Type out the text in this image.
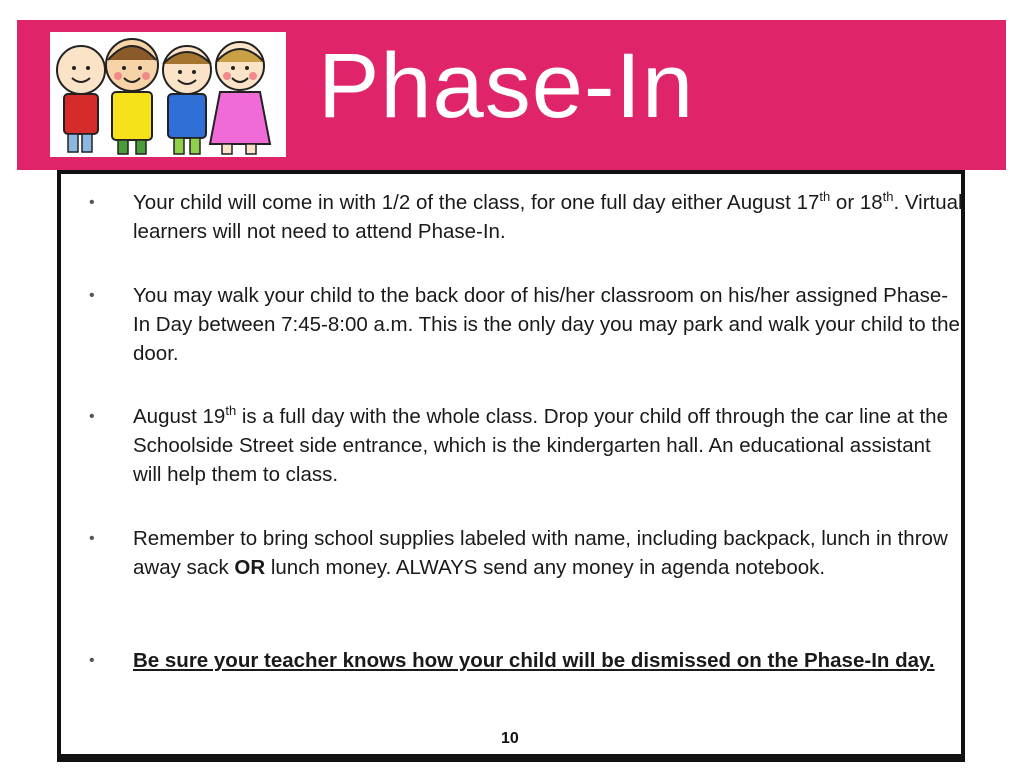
Phase-In
• Your child will come in with 1/2 of the class, for one full day either August 17th or 18th. Virtual learners will not need to attend Phase-In.
• You may walk your child to the back door of his/her classroom on his/her assigned Phase-In Day between 7:45-8:00 a.m. This is the only day you may park and walk your child to the door.
• August 19th is a full day with the whole class. Drop your child off through the car line at the Schoolside Street side entrance, which is the kindergarten hall. An educational assistant will help them to class.
• Remember to bring school supplies labeled with name, including backpack, lunch in throw away sack OR lunch money. ALWAYS send any money in agenda notebook.
• Be sure your teacher knows how your child will be dismissed on the Phase-In day.
10
